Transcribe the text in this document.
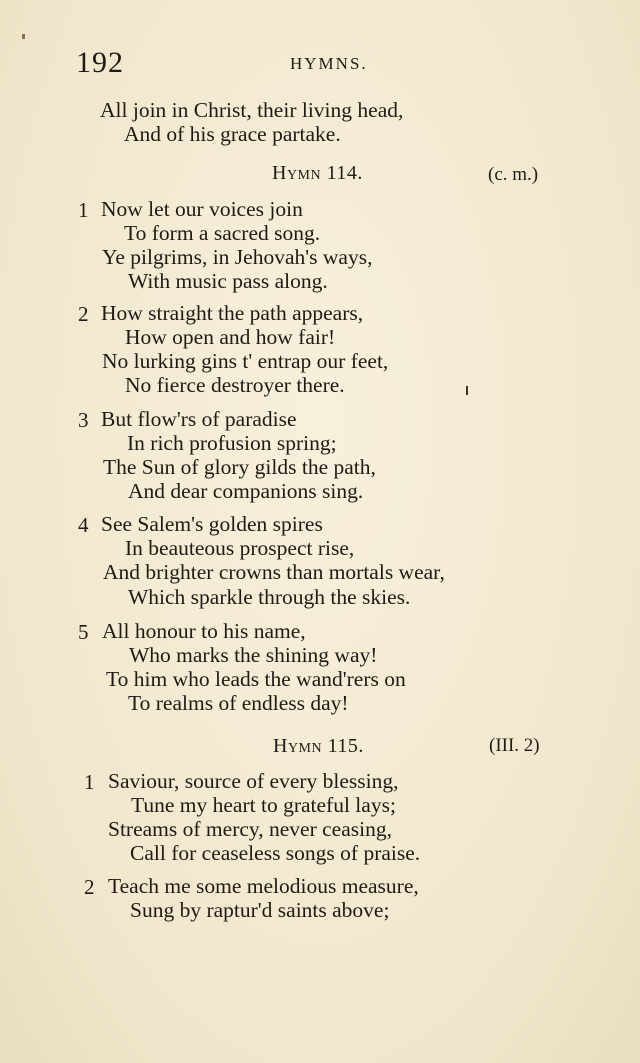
192	HYMNS.
All join in Christ, their living head,
And of his grace partake.
Hymn 114.	(c. m.)
1 Now let our voices join
To form a sacred song.
Ye pilgrims, in Jehovah's ways,
With music pass along.
2 How straight the path appears,
How open and how fair!
No lurking gins t' entrap our feet,
No fierce destroyer there.
3 But flow'rs of paradise
In rich profusion spring;
The Sun of glory gilds the path,
And dear companions sing.
4 See Salem's golden spires
In beauteous prospect rise,
And brighter crowns than mortals wear,
Which sparkle through the skies.
5 All honour to his name,
Who marks the shining way!
To him who leads the wand'rers on
To realms of endless day!
Hymn 115.	(III. 2)
1 Saviour, source of every blessing,
Tune my heart to grateful lays;
Streams of mercy, never ceasing,
Call for ceaseless songs of praise.
2 Teach me some melodious measure,
Sung by raptur'd saints above;
